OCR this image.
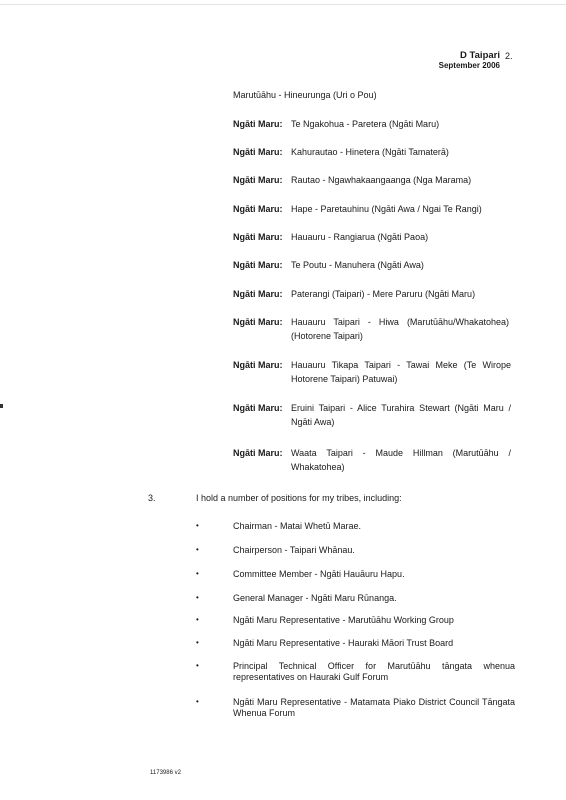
D Taipari
September 2006
2.
Marutūāhu - Hineurunga (Uri o Pou)
Ngāti Maru: Te Ngakohua - Paretera (Ngāti Maru)
Ngāti Maru: Kahurautao - Hinetera (Ngāti Tamaterā)
Ngāti Maru: Rautao - Ngawhakaangaanga (Nga Marama)
Ngāti Maru: Hape - Paretauhinu (Ngāti Awa / Ngai Te Rangi)
Ngāti Maru: Hauauru - Rangiarua (Ngāti Paoa)
Ngāti Maru: Te Poutu - Manuhera (Ngāti Awa)
Ngāti Maru: Paterangi (Taipari) - Mere Paruru (Ngāti Maru)
Ngāti Maru: Hauauru Taipari - Hiwa (Marutūāhu/Whakatohea) (Hotorene Taipari)
Ngāti Maru: Hauauru Tikapa Taipari - Tawai Meke (Te Wirope Hotorene Taipari) Patuwai)
Ngāti Maru: Eruini Taipari - Alice Turahira Stewart (Ngāti Maru / Ngāti Awa)
Ngāti Maru: Waata Taipari - Maude Hillman (Marutūāhu / Whakatohea)
3.	I hold a number of positions for my tribes, including:
•	Chairman - Matai Whetū Marae.
•	Chairperson - Taipari Whānau.
•	Committee Member - Ngāti Hauāuru Hapu.
•	General Manager - Ngāti Maru Rūnanga.
•	Ngāti Maru Representative - Marutūāhu Working Group
•	Ngāti Maru Representative - Hauraki Māori Trust Board
•	Principal Technical Officer for Marutūāhu tāngata whenua representatives on Hauraki Gulf Forum
•	Ngāti Maru Representative - Matamata Piako District Council Tāngata Whenua Forum
1173986 v2
